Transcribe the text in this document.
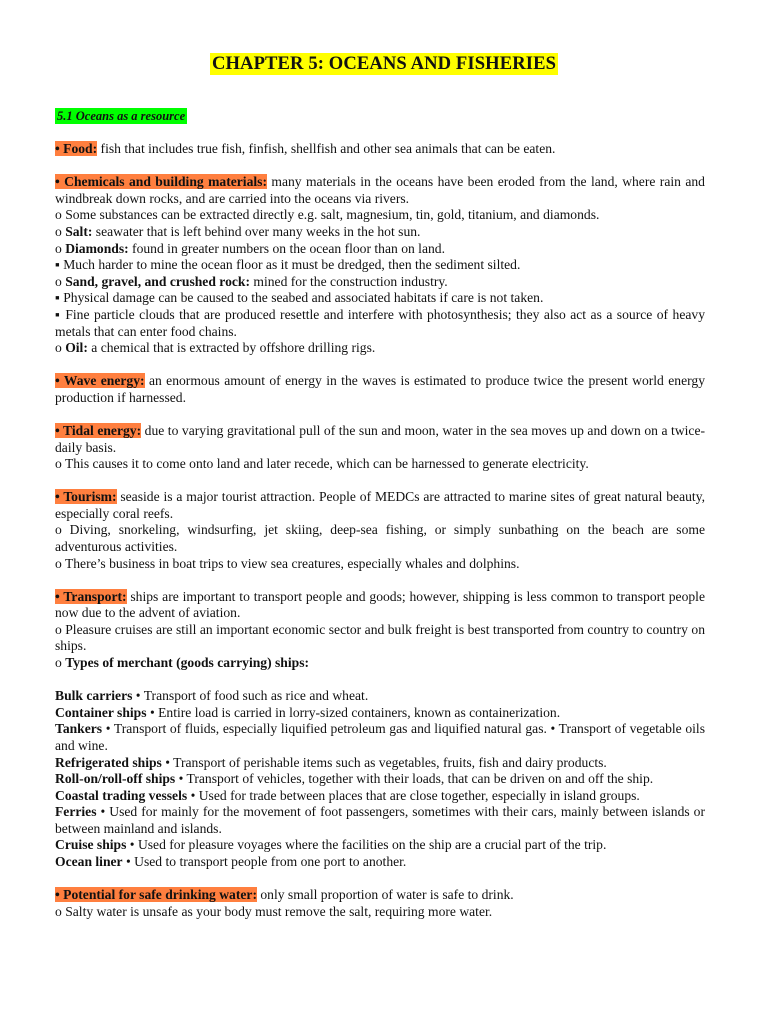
CHAPTER 5: OCEANS AND FISHERIES
5.1 Oceans as a resource

• Food: fish that includes true fish, finfish, shellfish and other sea animals that can be eaten.

• Chemicals and building materials: many materials in the oceans have been eroded from the land, where rain and windbreak down rocks, and are carried into the oceans via rivers.

o Some substances can be extracted directly e.g. salt, magnesium, tin, gold, titanium, and diamonds.

o Salt: seawater that is left behind over many weeks in the hot sun.

o Diamonds: found in greater numbers on the ocean floor than on land.

▪ Much harder to mine the ocean floor as it must be dredged, then the sediment silted.

o Sand, gravel, and crushed rock: mined for the construction industry.

▪ Physical damage can be caused to the seabed and associated habitats if care is not taken.

▪ Fine particle clouds that are produced resettle and interfere with photosynthesis; they also act as a source of heavy metals that can enter food chains.

o Oil: a chemical that is extracted by offshore drilling rigs.

• Wave energy: an enormous amount of energy in the waves is estimated to produce twice the present world energy production if harnessed.

• Tidal energy: due to varying gravitational pull of the sun and moon, water in the sea moves up and down on a twice-daily basis.

o This causes it to come onto land and later recede, which can be harnessed to generate electricity.

• Tourism: seaside is a major tourist attraction. People of MEDCs are attracted to marine sites of great natural beauty, especially coral reefs.

o Diving, snorkeling, windsurfing, jet skiing, deep-sea fishing, or simply sunbathing on the beach are some adventurous activities.

o There’s business in boat trips to view sea creatures, especially whales and dolphins.

• Transport: ships are important to transport people and goods; however, shipping is less common to transport people now due to the advent of aviation.

o Pleasure cruises are still an important economic sector and bulk freight is best transported from country to country on ships.

o Types of merchant (goods carrying) ships:

Bulk carriers • Transport of food such as rice and wheat.

Container ships • Entire load is carried in lorry-sized containers, known as containerization.

Tankers • Transport of fluids, especially liquified petroleum gas and liquified natural gas. • Transport of vegetable oils and wine.

Refrigerated ships • Transport of perishable items such as vegetables, fruits, fish and dairy products.

Roll-on/roll-off ships • Transport of vehicles, together with their loads, that can be driven on and off the ship.

Coastal trading vessels • Used for trade between places that are close together, especially in island groups.

Ferries • Used for mainly for the movement of foot passengers, sometimes with their cars, mainly between islands or between mainland and islands.

Cruise ships • Used for pleasure voyages where the facilities on the ship are a crucial part of the trip.

Ocean liner • Used to transport people from one port to another.

• Potential for safe drinking water: only small proportion of water is safe to drink.

o Salty water is unsafe as your body must remove the salt, requiring more water.
